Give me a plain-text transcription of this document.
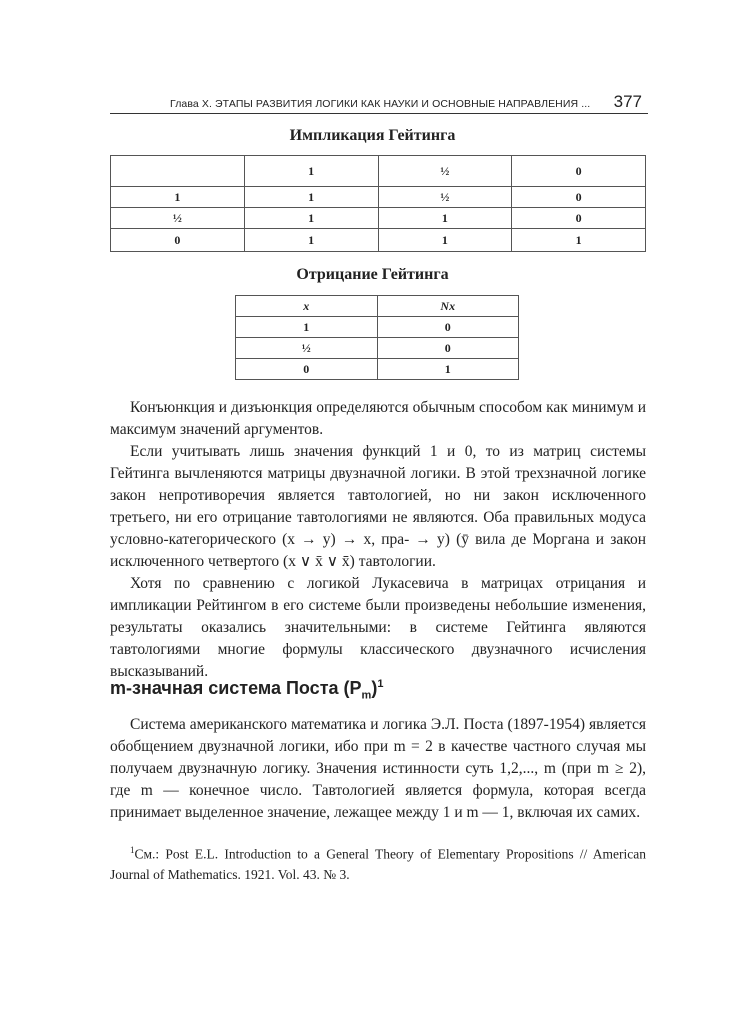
Глава X. ЭТАПЫ РАЗВИТИЯ ЛОГИКИ КАК НАУКИ И ОСНОВНЫЕ НАПРАВЛЕНИЯ ... 377
Импликация Гейтинга
	1	½	0
1	1	½	0
½	1	1	0
0	1	1	1
Отрицание Гейтинга
x	Nx
1	0
½	0
0	1

Конъюнкция и дизъюнкция определяются обычным способом как минимум и максимум значений аргументов.

Если учитывать лишь значения функций 1 и 0, то из матриц системы Гейтинга вычленяются матрицы двузначной логики. В этой трехзначной логике закон непротиворечия является тавтологией, но ни закон исключенного третьего, ни его отрицание тавтологиями не являются. Оба правильных модуса условно-категорического (x → y) → x, пра- → y) (ȳ вила де Моргана и закон исключенного четвертого (x ∨ x̄ ∨ x̄̄) тавтологии.

Хотя по сравнению с логикой Лукасевича в матрицах отрицания и импликации Рейтингом в его системе были произведены небольшие изменения, результаты оказались значительными: в системе Гейтинга являются тавтологиями многие формулы классического двузначного исчисления высказываний.

m-значная система Поста $(P_m)^1$

Система американского математика и логика Э.Л. Поста (1897-1954) является обобщением двузначной логики, ибо при m = 2 в качестве частного случая мы получаем двузначную логику. Значения истинности суть 1,2,..., m (при m ≥ 2), где m — конечное число. Тавтологией является формула, которая всегда принимает выделенное значение, лежащее между 1 и m — 1, включая их самих.

$^1$См.: Post E.L. Introduction to a General Theory of Elementary Propositions // American Journal of Mathematics. 1921. Vol. 43. № 3.
